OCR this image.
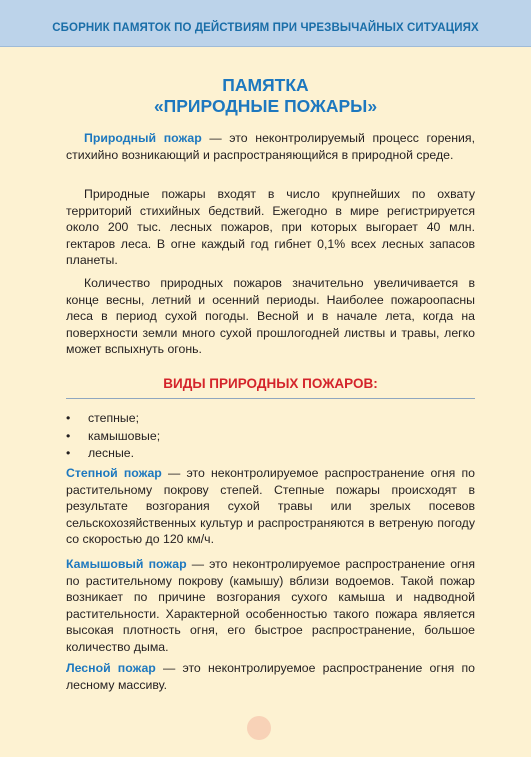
СБОРНИК ПАМЯТОК ПО ДЕЙСТВИЯМ ПРИ ЧРЕЗВЫЧАЙНЫХ СИТУАЦИЯХ
ПАМЯТКА
«ПРИРОДНЫЕ ПОЖАРЫ»

Природный пожар — это неконтролируемый процесс горения, стихийно возникающий и распространяющийся в природной среде.

Природные пожары входят в число крупнейших по охвату территорий стихийных бедствий. Ежегодно в мире регистрируется около 200 тыс. лесных пожаров, при которых выгорает 40 млн. гектаров леса. В огне каждый год гибнет 0,1% всех лесных запасов планеты.

Количество природных пожаров значительно увеличивается в конце весны, летний и осенний периоды. Наиболее пожароопасны леса в период сухой погоды. Весной и в начале лета, когда на поверхности земли много сухой прошлогодней листвы и травы, легко может вспыхнуть огонь.

ВИДЫ ПРИРОДНЫХ ПОЖАРОВ:
• степные;
• камышовые;
• лесные.

Степной пожар — это неконтролируемое распространение огня по растительному покрову степей. Степные пожары происходят в результате возгорания сухой травы или зрелых посевов сельскохозяйственных культур и распространяются в ветреную погоду со скоростью до 120 км/ч.

Камышовый пожар — это неконтролируемое распространение огня по растительному покрову (камышу) вблизи водоемов. Такой пожар возникает по причине возгорания сухого камыша и надводной растительности. Характерной особенностью такого пожара является высокая плотность огня, его быстрое распространение, большое количество дыма.

Лесной пожар — это неконтролируемое распространение огня по лесному массиву.
